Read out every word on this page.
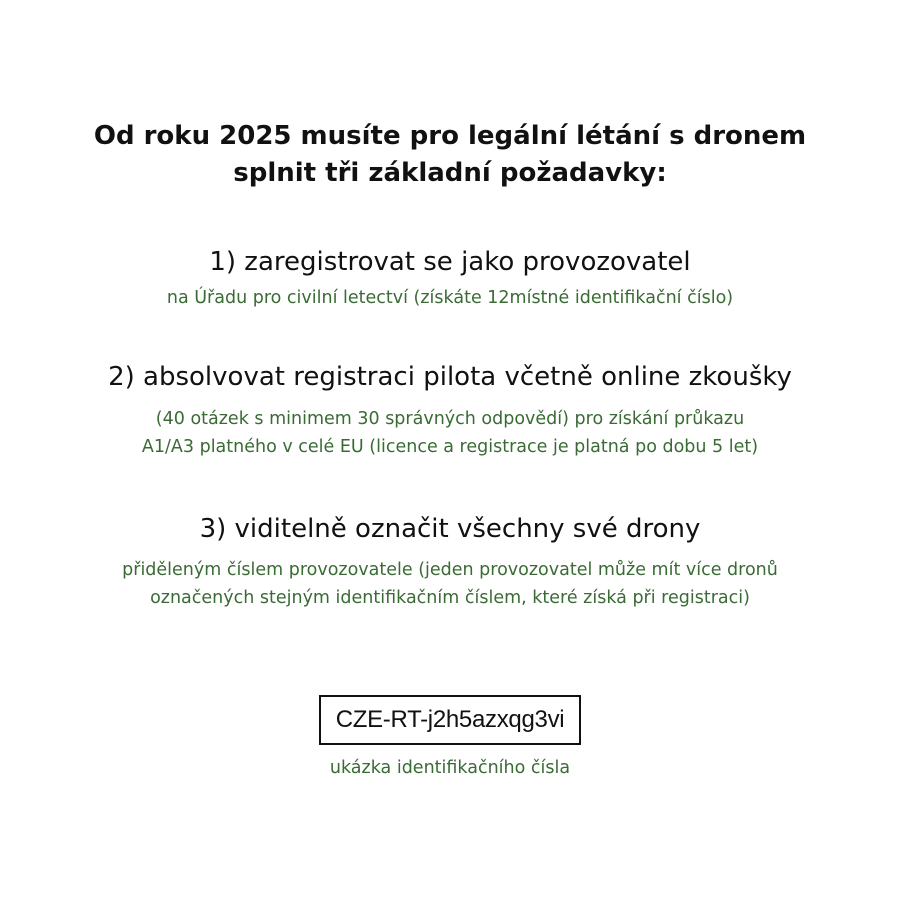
Od roku 2025 musíte pro legální létání s dronem
splnit tři základní požadavky:
1) zaregistrovat se jako provozovatel
na Úřadu pro civilní letectví (získáte 12místné identifikační číslo)
2) absolvovat registraci pilota včetně online zkoušky
(40 otázek s minimem 30 správných odpovědí) pro získání průkazu
A1/A3 platného v celé EU (licence a registrace je platná po dobu 5 let)
3) viditelně označit všechny své drony
přiděleným číslem provozovatele (jeden provozovatel může mít více dronů
označených stejným identifikačním číslem, které získá při registraci)
CZE-RT-j2h5azxqg3vi
ukázka identifikačního čísla
